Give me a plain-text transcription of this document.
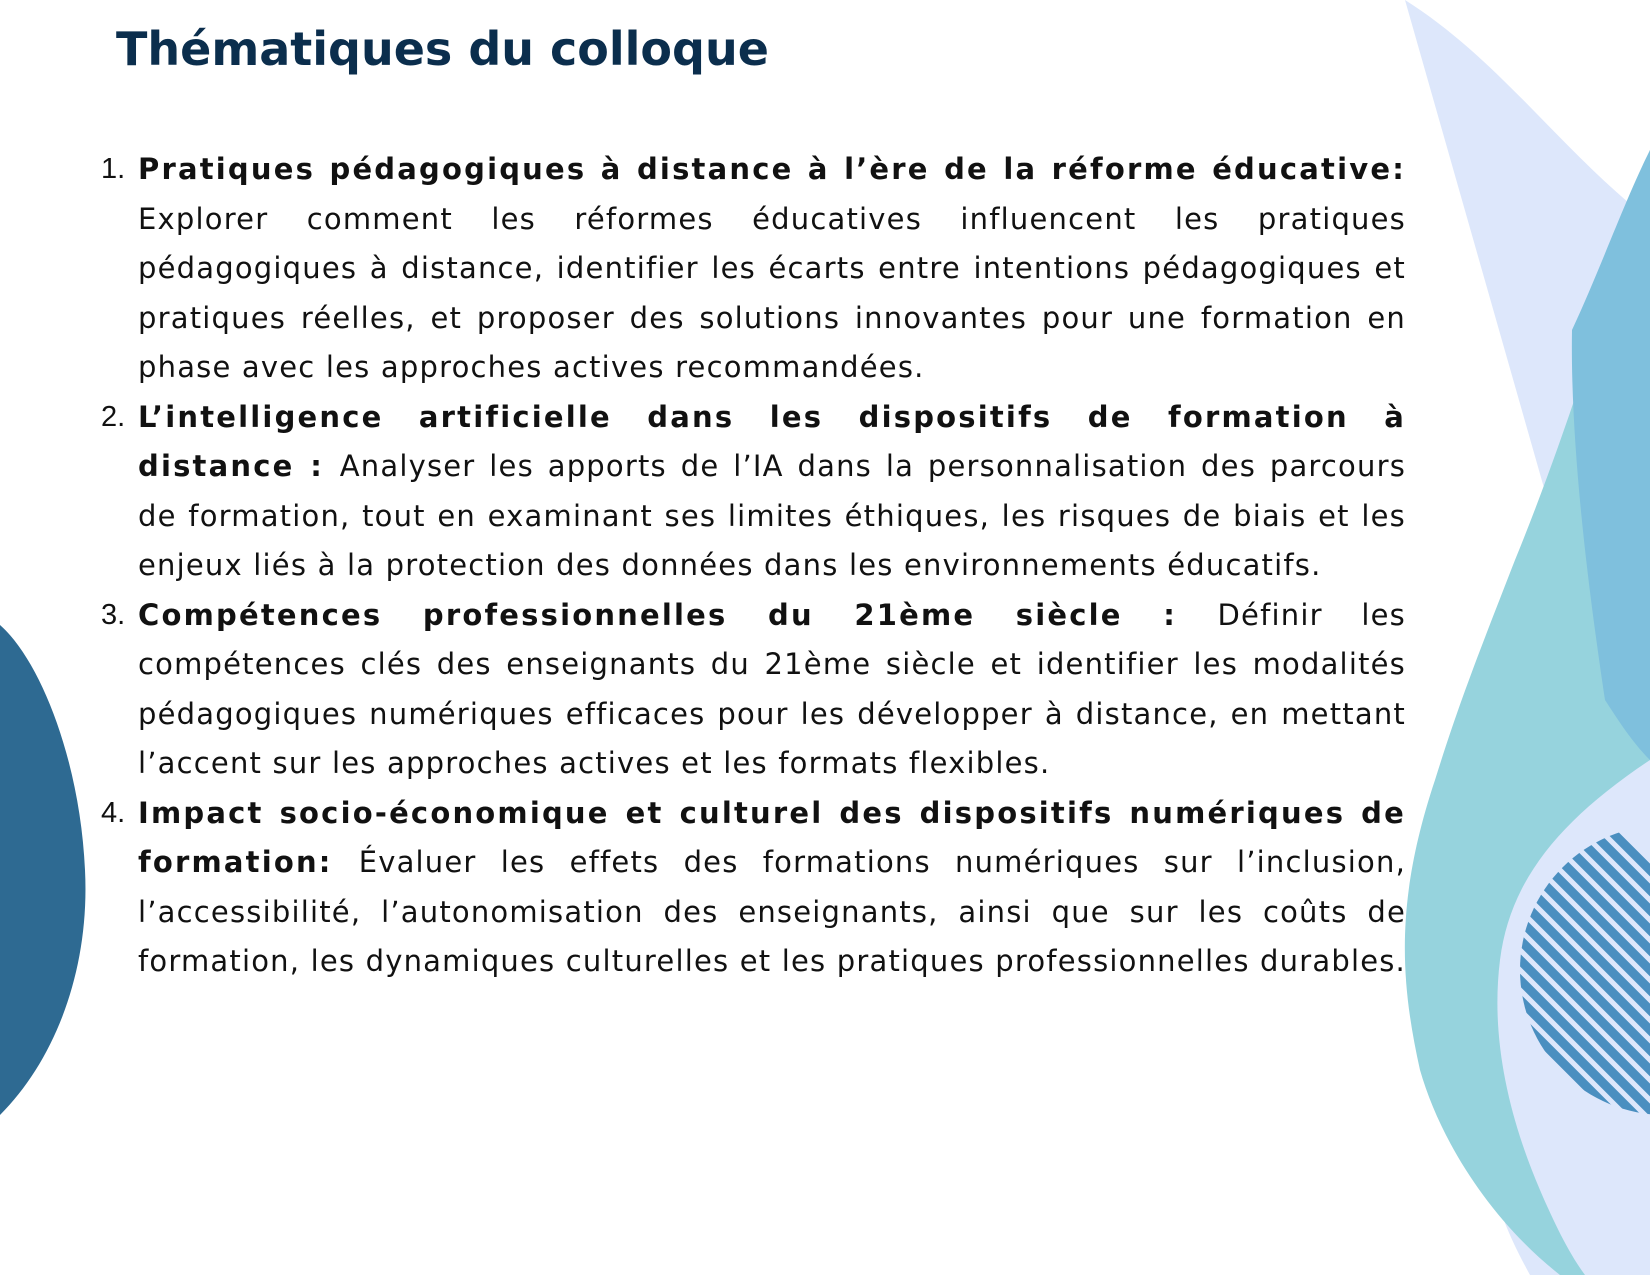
Thématiques du colloque
1. Pratiques pédagogiques à distance à l’ère de la réforme éducative: Explorer comment les réformes éducatives influencent les pratiques pédagogiques à distance, identifier les écarts entre intentions pédagogiques et pratiques réelles, et proposer des solutions innovantes pour une formation en phase avec les approches actives recommandées.
2. L’intelligence artificielle dans les dispositifs de formation à distance : Analyser les apports de l’IA dans la personnalisation des parcours de formation, tout en examinant ses limites éthiques, les risques de biais et les enjeux liés à la protection des données dans les environnements éducatifs.
3. Compétences professionnelles du 21ème siècle : Définir les compétences clés des enseignants du 21ème siècle et identifier les modalités pédagogiques numériques efficaces pour les développer à distance, en mettant l’accent sur les approches actives et les formats flexibles.
4. Impact socio-économique et culturel des dispositifs numériques de formation: Évaluer les effets des formations numériques sur l’inclusion, l’accessibilité, l’autonomisation des enseignants, ainsi que sur les coûts de formation, les dynamiques culturelles et les pratiques professionnelles durables.
